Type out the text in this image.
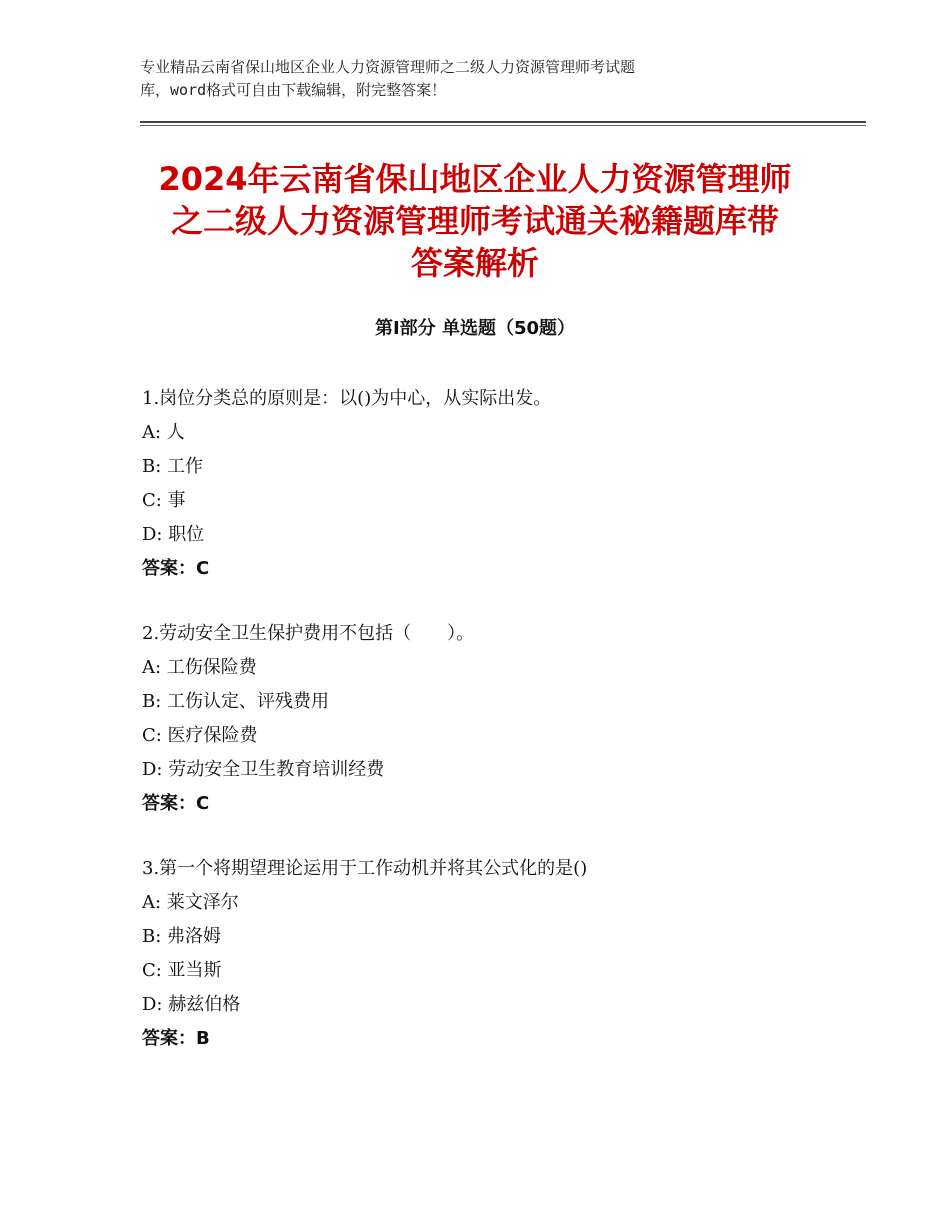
专业精品云南省保山地区企业人力资源管理师之二级人力资源管理师考试题
库，word格式可自由下载编辑，附完整答案！
2024年云南省保山地区企业人力资源管理师
之二级人力资源管理师考试通关秘籍题库带
答案解析
第Ⅰ部分 单选题（50题）
1.岗位分类总的原则是：以()为中心，从实际出发。
A: 人
B: 工作
C: 事
D: 职位
答案：C
2.劳动安全卫生保护费用不包括（　　）。
A: 工伤保险费
B: 工伤认定、评残费用
C: 医疗保险费
D: 劳动安全卫生教育培训经费
答案：C
3.第一个将期望理论运用于工作动机并将其公式化的是()
A: 莱文泽尔
B: 弗洛姆
C: 亚当斯
D: 赫兹伯格
答案：B
